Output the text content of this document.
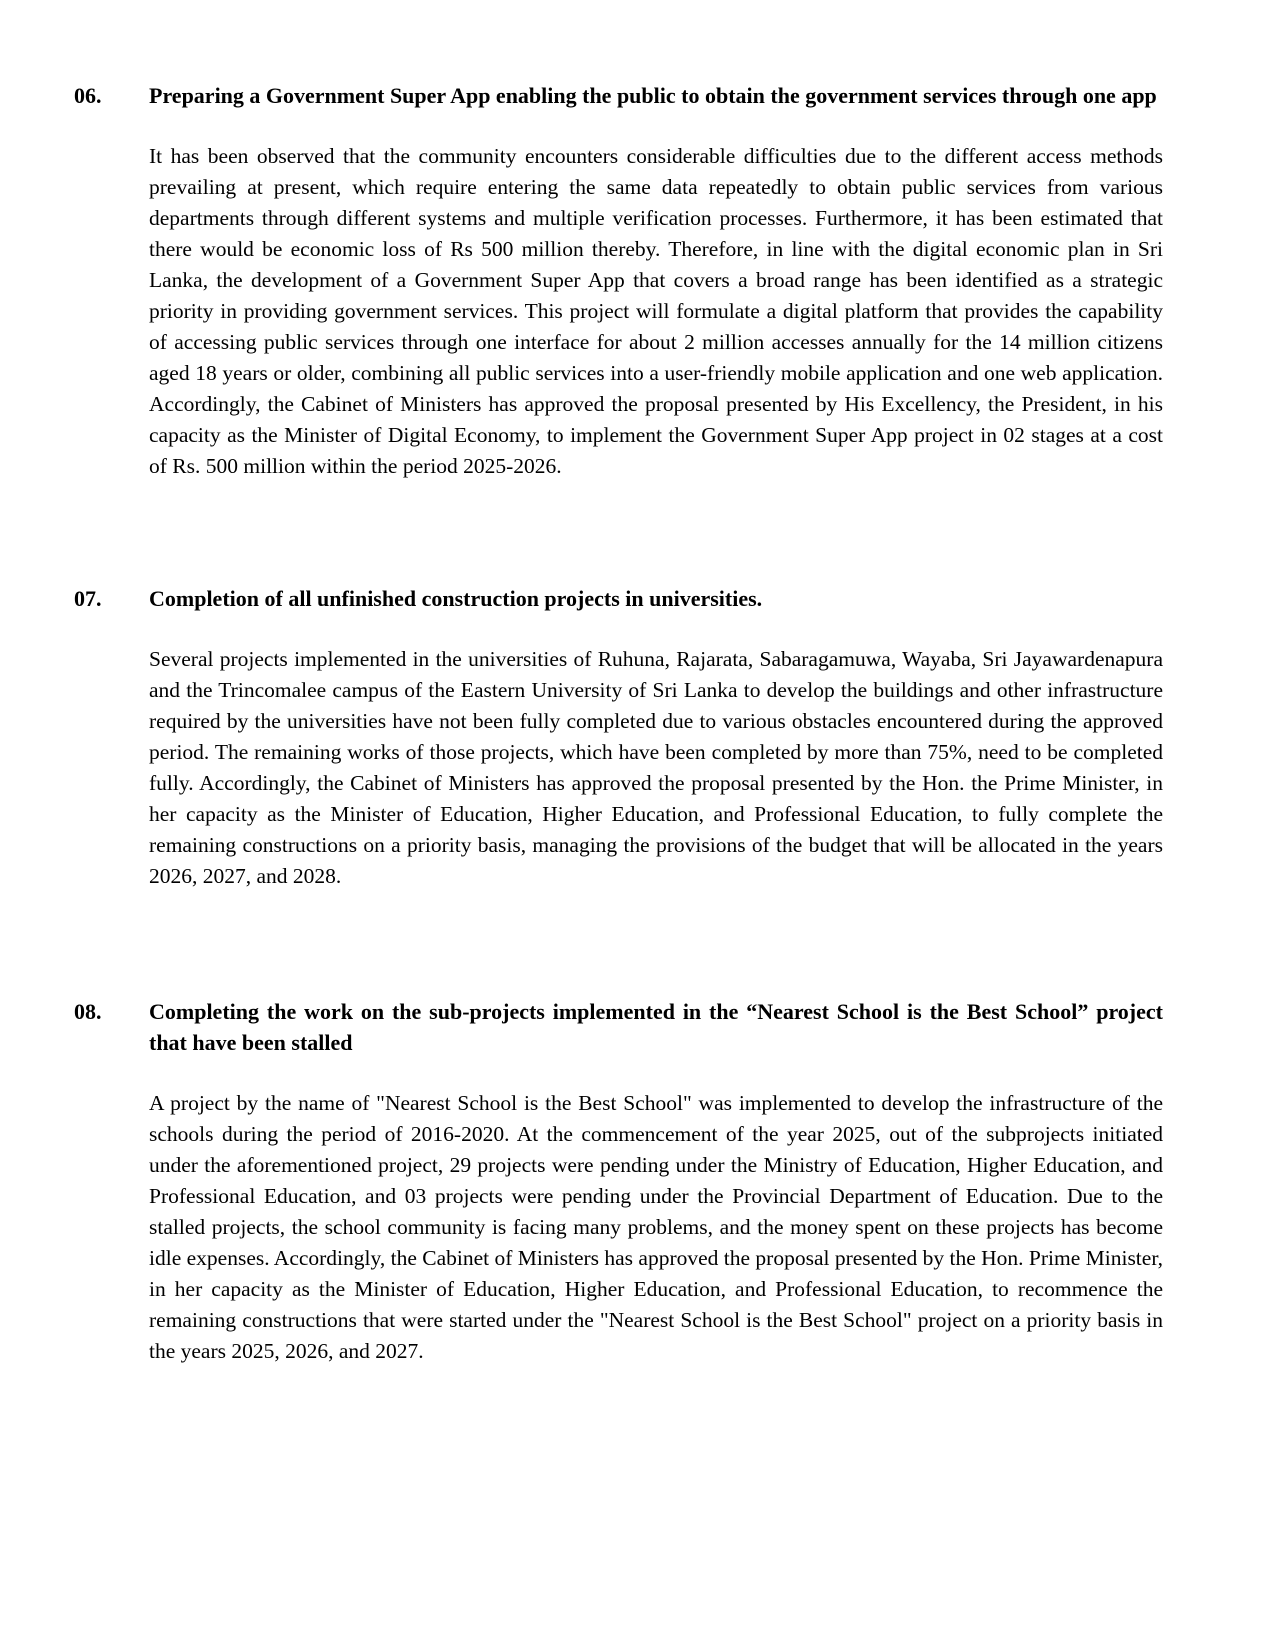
06. Preparing a Government Super App enabling the public to obtain the government services through one app
It has been observed that the community encounters considerable difficulties due to the different access methods prevailing at present, which require entering the same data repeatedly to obtain public services from various departments through different systems and multiple verification processes. Furthermore, it has been estimated that there would be economic loss of Rs 500 million thereby. Therefore, in line with the digital economic plan in Sri Lanka, the development of a Government Super App that covers a broad range has been identified as a strategic priority in providing government services. This project will formulate a digital platform that provides the capability of accessing public services through one interface for about 2 million accesses annually for the 14 million citizens aged 18 years or older, combining all public services into a user-friendly mobile application and one web application. Accordingly, the Cabinet of Ministers has approved the proposal presented by His Excellency, the President, in his capacity as the Minister of Digital Economy, to implement the Government Super App project in 02 stages at a cost of Rs. 500 million within the period 2025-2026.
07. Completion of all unfinished construction projects in universities.
Several projects implemented in the universities of Ruhuna, Rajarata, Sabaragamuwa, Wayaba, Sri Jayawardenapura and the Trincomalee campus of the Eastern University of Sri Lanka to develop the buildings and other infrastructure required by the universities have not been fully completed due to various obstacles encountered during the approved period. The remaining works of those projects, which have been completed by more than 75%, need to be completed fully. Accordingly, the Cabinet of Ministers has approved the proposal presented by the Hon. the Prime Minister, in her capacity as the Minister of Education, Higher Education, and Professional Education, to fully complete the remaining constructions on a priority basis, managing the provisions of the budget that will be allocated in the years 2026, 2027, and 2028.
08. Completing the work on the sub-projects implemented in the “Nearest School is the Best School” project that have been stalled
A project by the name of "Nearest School is the Best School" was implemented to develop the infrastructure of the schools during the period of 2016-2020. At the commencement of the year 2025, out of the subprojects initiated under the aforementioned project, 29 projects were pending under the Ministry of Education, Higher Education, and Professional Education, and 03 projects were pending under the Provincial Department of Education. Due to the stalled projects, the school community is facing many problems, and the money spent on these projects has become idle expenses. Accordingly, the Cabinet of Ministers has approved the proposal presented by the Hon. Prime Minister, in her capacity as the Minister of Education, Higher Education, and Professional Education, to recommence the remaining constructions that were started under the "Nearest School is the Best School" project on a priority basis in the years 2025, 2026, and 2027.
